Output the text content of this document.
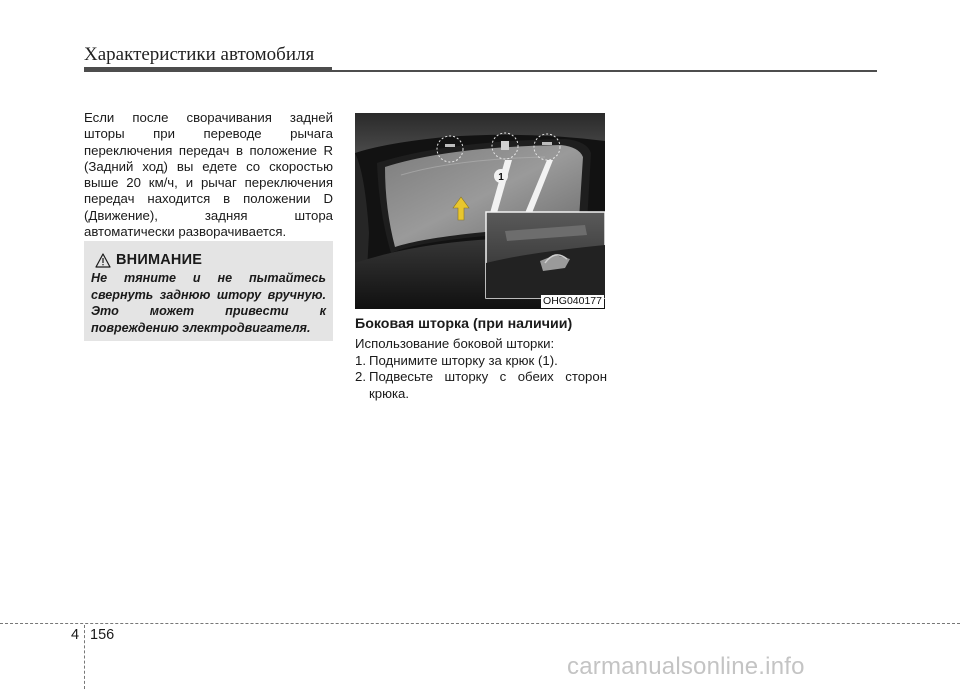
Характеристики автомобиля

Если после сворачивания задней шторы при переводе рычага переключения передач в положение R (Задний ход) вы едете со скоростью выше 20 км/ч, и рычаг переключения передач находится в положении D (Движение), задняя штора автоматически разворачивается.

ВНИМАНИЕ
Не тяните и не пытайтесь свернуть заднюю штору вручную. Это может привести к повреждению электродвигателя.
1
OHG040177
Боковая шторка (при наличии)
Использование боковой шторки:
1. Поднимите шторку за крюк (1).
2. Подвесьте шторку с обеих сторон крюка.
4 156
carmanualsonline.info
